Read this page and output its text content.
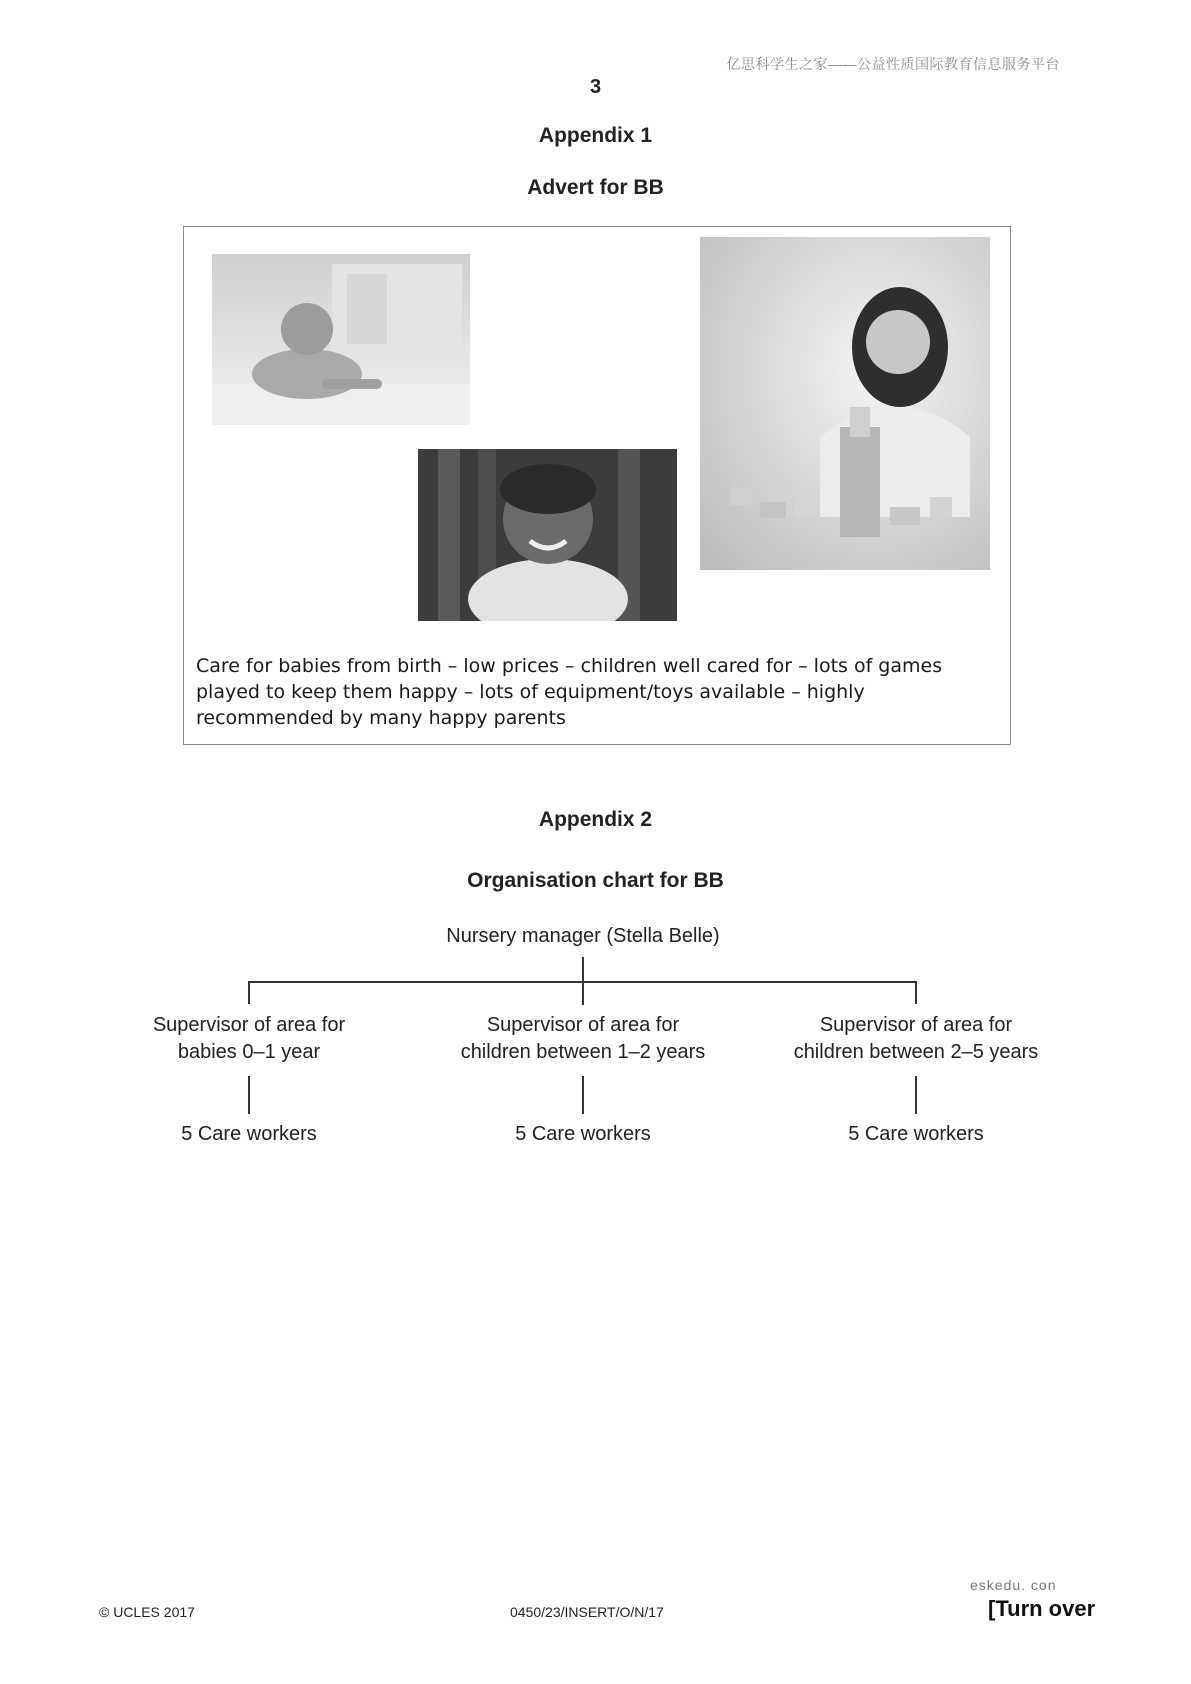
亿思科学生之家——公益性质国际教育信息服务平台
3
Appendix 1
Advert for BB
Care for babies from birth – low prices – children well cared for – lots of games played to keep them happy – lots of equipment/toys available – highly recommended by many happy parents
Appendix 2
Organisation chart for BB
Nursery manager (Stella Belle)
Supervisor of area for
babies 0–1 year
5 Care workers
Supervisor of area for
children between 1–2 years
5 Care workers
Supervisor of area for
children between 2–5 years
5 Care workers
eskedu. con
© UCLES 2017	0450/23/INSERT/O/N/17	[Turn over
